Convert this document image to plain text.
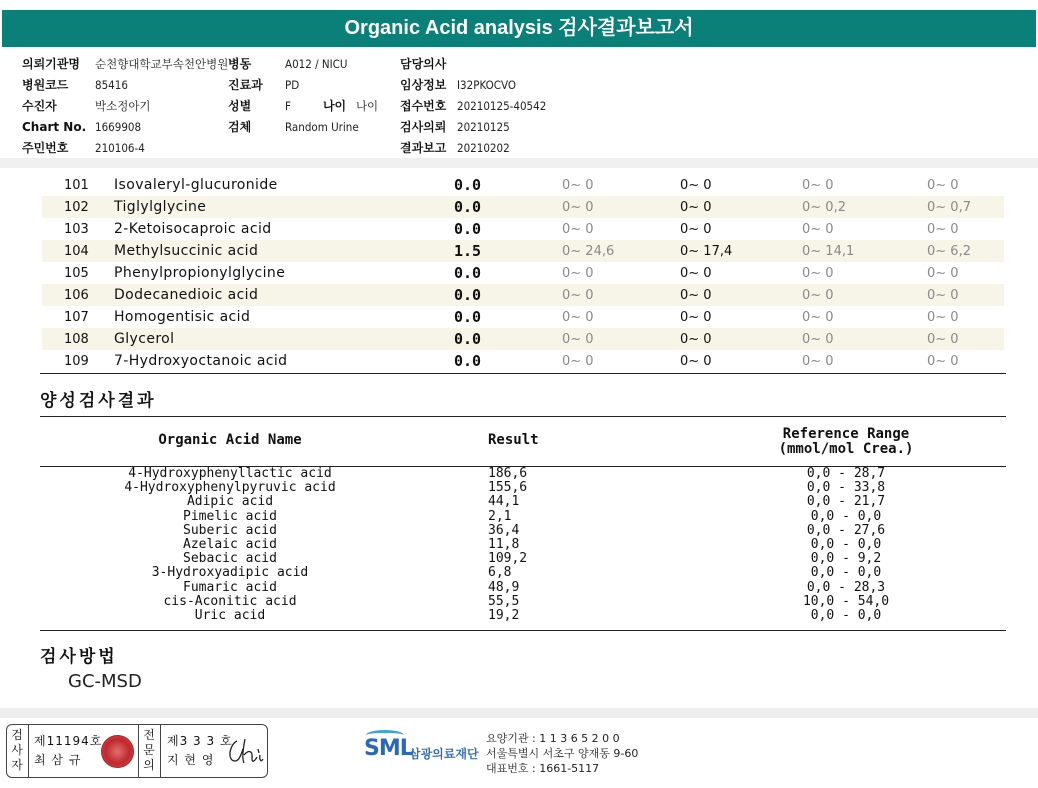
Organic Acid analysis 검사결과보고서
의뢰기관명 순천향대학교부속천안병원
병원코드 85416
수진자	박소정아기
Chart No. 1669908
주민번호 210106-4
병동	A012 / NICU
진료과 PD
성별	F	나이 나이
검체	Random Urine
담당의사
임상정보 I32PKOCVO
접수번호 20210125-40542
검사의뢰 20210125
결과보고 20210202
101	Isovaleryl-glucuronide	0.0	0~ 0	0~ 0	0~ 0	0~ 0
102	Tiglylglycine	0.0	0~ 0	0~ 0	0~ 0,2	0~ 0,7
103	2-Ketoisocaproic acid	0.0	0~ 0	0~ 0	0~ 0	0~ 0
104	Methylsuccinic acid	1.5	0~ 24,6	0~ 17,4	0~ 14,1	0~ 6,2
105	Phenylpropionylglycine	0.0	0~ 0	0~ 0	0~ 0	0~ 0
106	Dodecanedioic acid	0.0	0~ 0	0~ 0	0~ 0	0~ 0
107	Homogentisic acid	0.0	0~ 0	0~ 0	0~ 0	0~ 0
108	Glycerol	0.0	0~ 0	0~ 0	0~ 0	0~ 0
109	7-Hydroxyoctanoic acid	0.0	0~ 0	0~ 0	0~ 0	0~ 0
양성검사결과
Organic Acid Name	Result	Reference Range
(mmol/mol Crea.)
4-Hydroxyphenyllactic acid	186,6	0,0 - 28,7
4-Hydroxyphenylpyruvic acid	155,6	0,0 - 33,8
Adipic acid	44,1	0,0 - 21,7
Pimelic acid	2,1	0,0 - 0,0
Suberic acid	36,4	0,0 - 27,6
Azelaic acid	11,8	0,0 - 0,0
Sebacic acid	109,2	0,0 - 9,2
3-Hydroxyadipic acid	6,8	0,0 - 0,0
Fumaric acid	48,9	0,0 - 28,3
cis-Aconitic acid	55,5	10,0 - 54,0
Uric acid	19,2	0,0 - 0,0
검사방법
GC-MSD
검
사
자
제11194호
최 삼 규
전
문
의
제3 3 3 호
지 현 영	SML
삼광의료재단
요양기관 : 1 1 3 6 5 2 0 0
서울특별시 서초구 양재동 9-60
대표번호 : 1661-5117
